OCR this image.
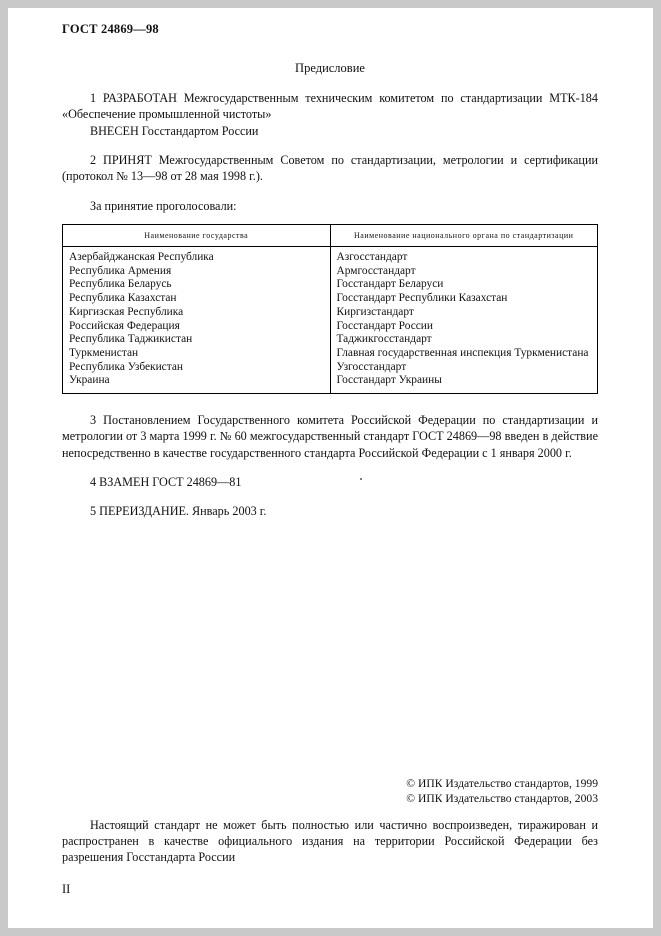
ГОСТ 24869—98
Предисловие

1 РАЗРАБОТАН Межгосударственным техническим комитетом по стандартизации МТК-184 «Обеспечение промышленной чистоты»

ВНЕСЕН Госстандартом России

2 ПРИНЯТ Межгосударственным Советом по стандартизации, метрологии и сертификации (протокол № 13—98 от 28 мая 1998 г.).

За принятие проголосовали:

Наименование государства	Наименование национального органа по стандартизации
Азербайджанская Республика	Азгосстандарт
Республика Армения	Армгосстандарт
Республика Беларусь	Госстандарт Беларуси
Республика Казахстан	Госстандарт Республики Казахстан
Киргизская Республика	Киргизстандарт
Российская Федерация	Госстандарт России
Республика Таджикистан	Таджикгосстандарт
Туркменистан	Главная государственная инспекция Туркменистана
Республика Узбекистан	Узгосстандарт
Украина	Госстандарт Украины

3 Постановлением Государственного комитета Российской Федерации по стандартизации и метрологии от 3 марта 1999 г. № 60 межгосударственный стандарт ГОСТ 24869—98 введен в действие непосредственно в качестве государственного стандарта Российской Федерации с 1 января 2000 г.

4 ВЗАМЕН ГОСТ 24869—81

5 ПЕРЕИЗДАНИЕ. Январь 2003 г.

© ИПК Издательство стандартов, 1999
© ИПК Издательство стандартов, 2003

Настоящий стандарт не может быть полностью или частично воспроизведен, тиражирован и распространен в качестве официального издания на территории Российской Федерации без разрешения Госстандарта России

II
